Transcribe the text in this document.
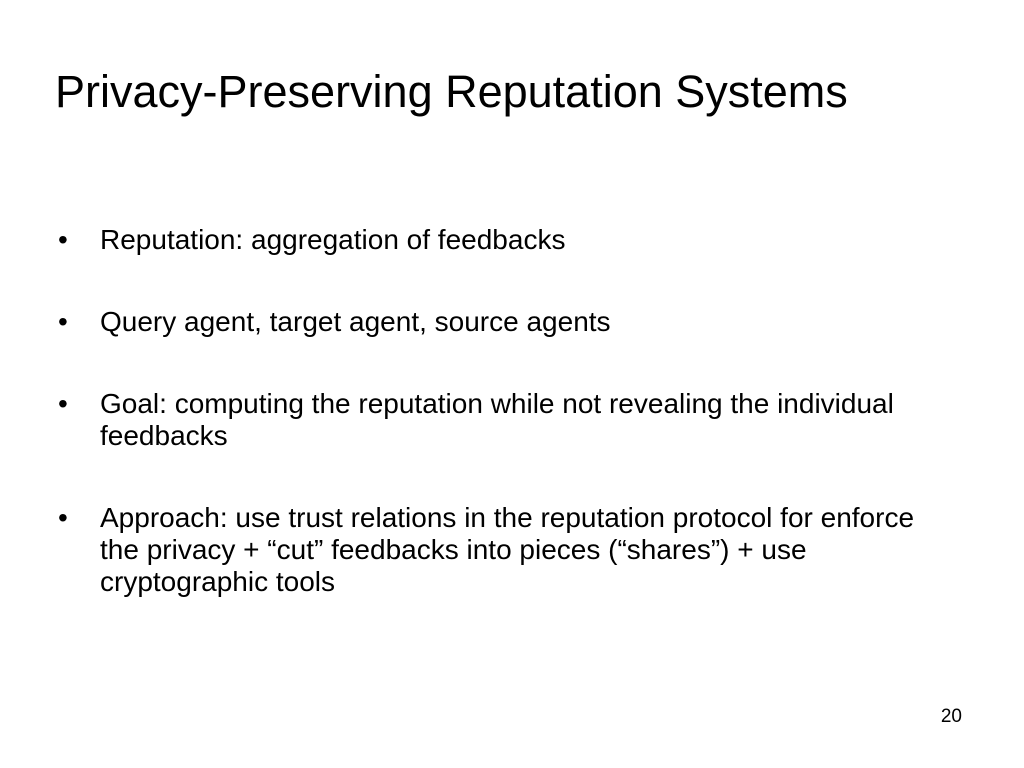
Privacy-Preserving Reputation Systems
•	Reputation: aggregation of feedbacks
•	Query agent, target agent, source agents
•	Goal: computing the reputation while not revealing the individual feedbacks
•	Approach: use trust relations in the reputation protocol for enforce the privacy + “cut” feedbacks into pieces (“shares”) + use cryptographic tools
20
